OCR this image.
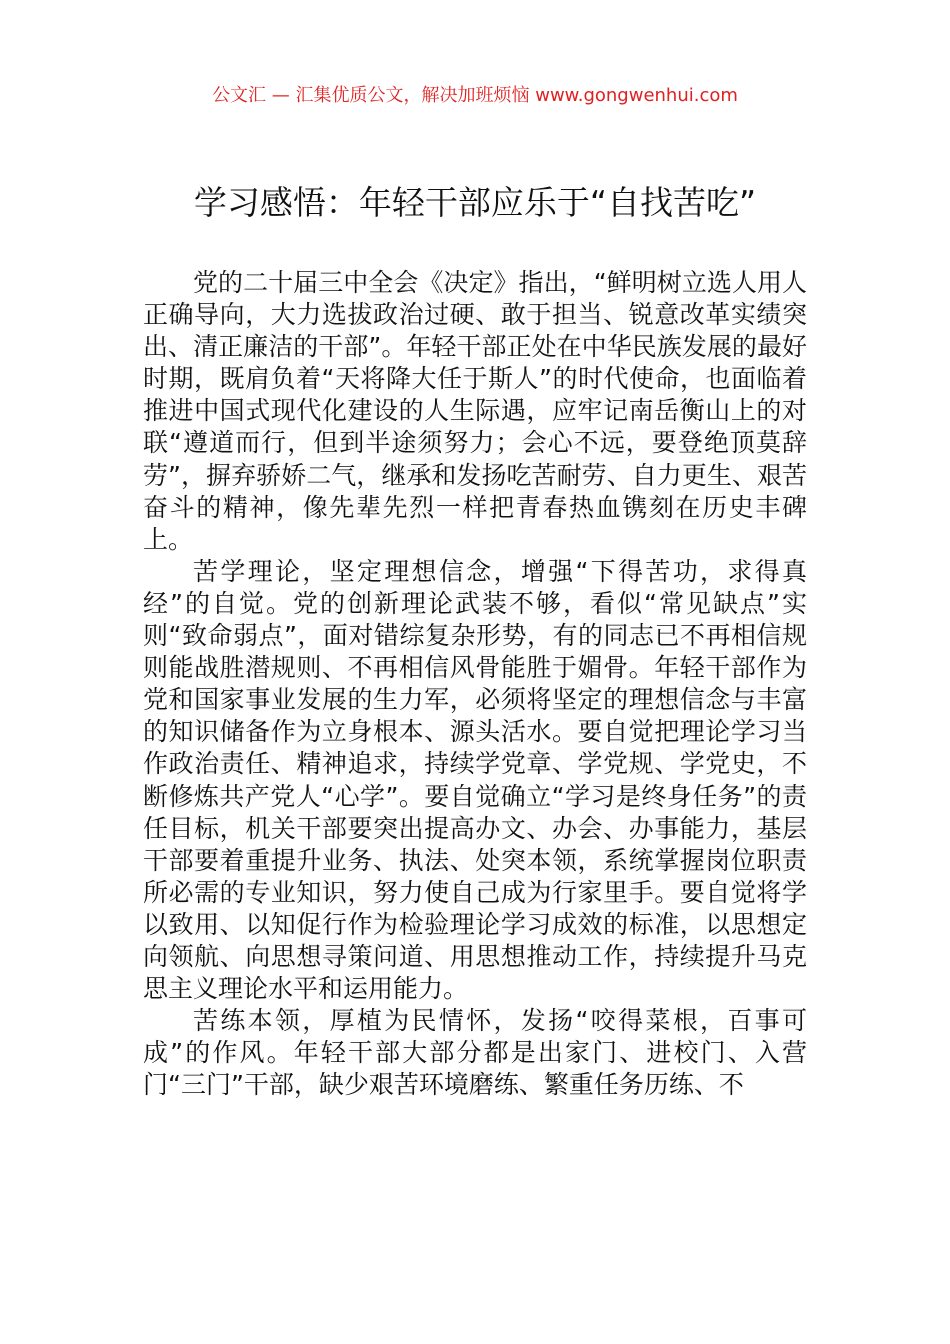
公文汇 — 汇集优质公文，解决加班烦恼 www.gongwenhui.com
学习感悟：年轻干部应乐于“自找苦吃”

党的二十届三中全会《决定》指出，“鲜明树立选人用人正确导向，大力选拔政治过硬、敢于担当、锐意改革实绩突出、清正廉洁的干部”。年轻干部正处在中华民族发展的最好时期，既肩负着“天将降大任于斯人”的时代使命，也面临着推进中国式现代化建设的人生际遇，应牢记南岳衡山上的对联“遵道而行，但到半途须努力；会心不远，要登绝顶莫辞劳”，摒弃骄娇二气，继承和发扬吃苦耐劳、自力更生、艰苦奋斗的精神，像先辈先烈一样把青春热血镌刻在历史丰碑上。

苦学理论，坚定理想信念，增强“下得苦功，求得真经”的自觉。党的创新理论武装不够，看似“常见缺点”实则“致命弱点”，面对错综复杂形势，有的同志已不再相信规则能战胜潜规则、不再相信风骨能胜于媚骨。年轻干部作为党和国家事业发展的生力军，必须将坚定的理想信念与丰富的知识储备作为立身根本、源头活水。要自觉把理论学习当作政治责任、精神追求，持续学党章、学党规、学党史，不断修炼共产党人“心学”。要自觉确立“学习是终身任务”的责任目标，机关干部要突出提高办文、办会、办事能力，基层干部要着重提升业务、执法、处突本领，系统掌握岗位职责所必需的专业知识，努力使自己成为行家里手。要自觉将学以致用、以知促行作为检验理论学习成效的标准，以思想定向领航、向思想寻策问道、用思想推动工作，持续提升马克思主义理论水平和运用能力。

苦练本领，厚植为民情怀，发扬“咬得菜根，百事可成”的作风。年轻干部大部分都是出家门、进校门、入营门“三门”干部，缺少艰苦环境磨练、繁重任务历练、不
